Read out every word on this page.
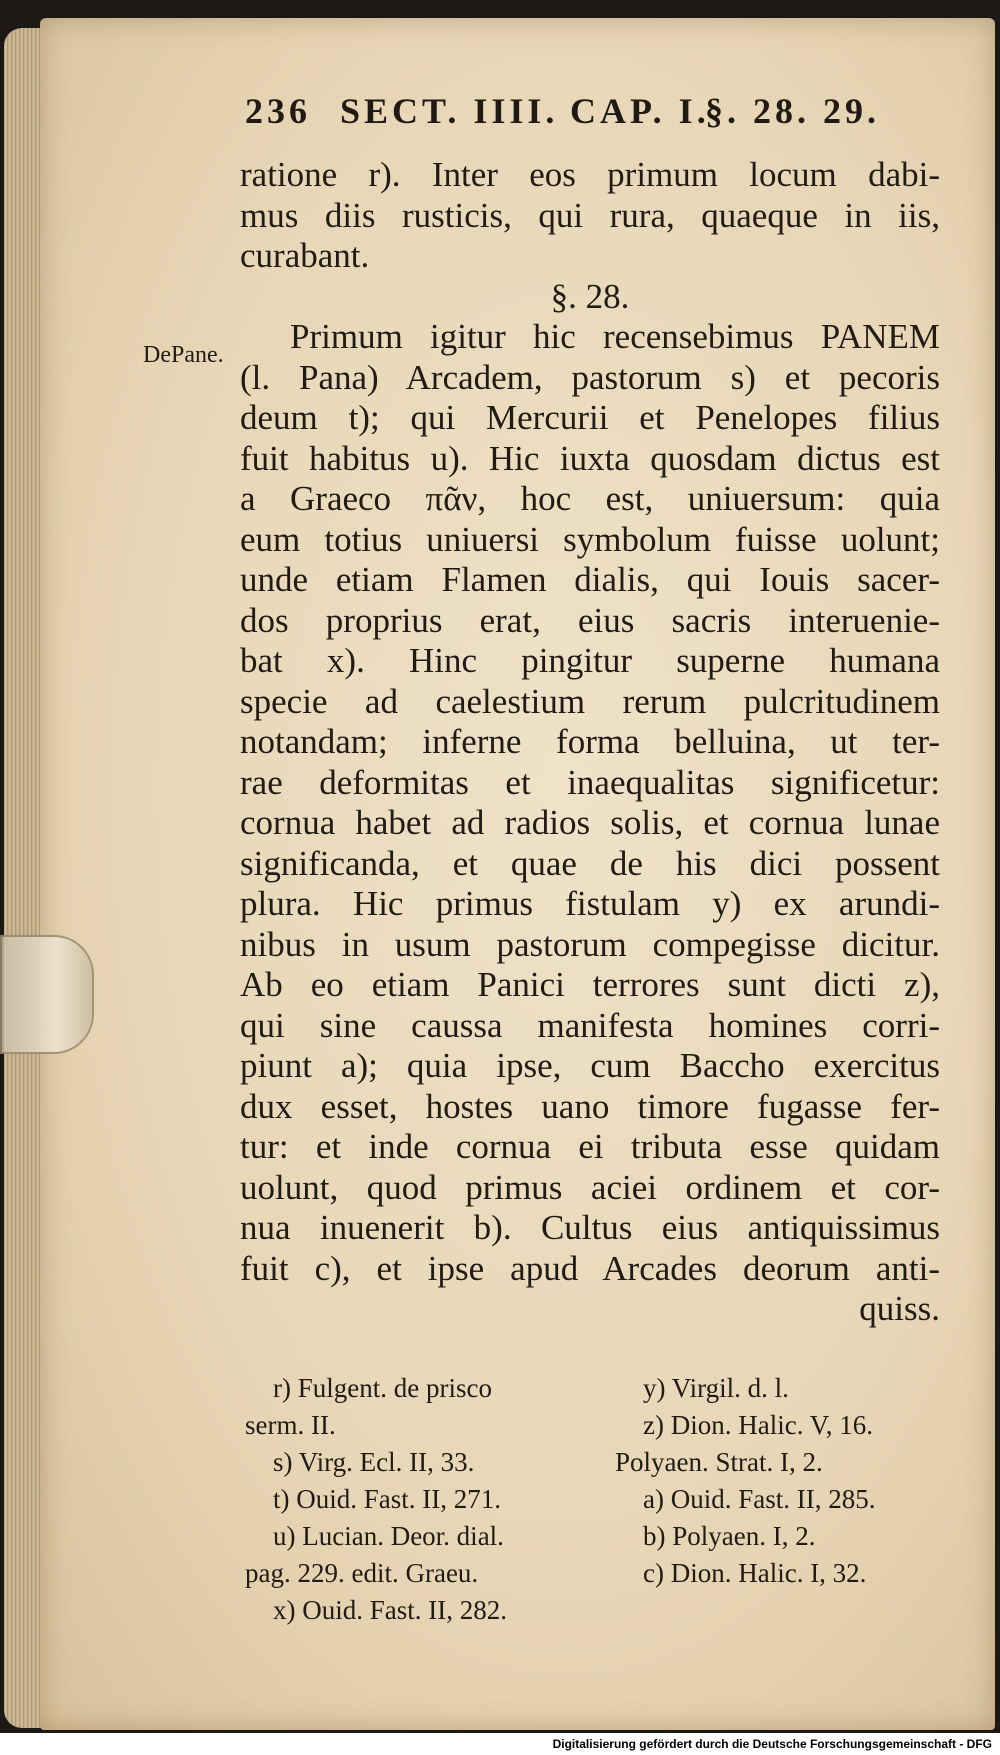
236 SECT. IIII. CAP. I.
§. 28. 29.
DePane.
ratione r). Inter eos primum locum dabi-
mus diis rusticis, qui rura, quaeque in iis,
curabant.
§. 28.
Primum igitur hic recensebimus PANEM
(l. Pana) Arcadem, pastorum s) et pecoris
deum t); qui Mercurii et Penelopes filius
fuit habitus u). Hic iuxta quosdam dictus est
a Graeco πᾶν, hoc est, uniuersum: quia
eum totius uniuersi symbolum fuisse uolunt;
unde etiam Flamen dialis, qui Iouis sacer-
dos proprius erat, eius sacris interuenie-
bat x). Hinc pingitur superne humana
specie ad caelestium rerum pulcritudinem
notandam; inferne forma belluina, ut ter-
rae deformitas et inaequalitas significetur:
cornua habet ad radios solis, et cornua lunae
significanda, et quae de his dici possent
plura. Hic primus fistulam y) ex arundi-
nibus in usum pastorum compegisse dicitur.
Ab eo etiam Panici terrores sunt dicti z),
qui sine caussa manifesta homines corri-
piunt a); quia ipse, cum Baccho exercitus
dux esset, hostes uano timore fugasse fer-
tur: et inde cornua ei tributa esse quidam
uolunt, quod primus aciei ordinem et cor-
nua inuenerit b). Cultus eius antiquissimus
fuit c), et ipse apud Arcades deorum anti-
quiss.
r) Fulgent. de prisco
serm. II.
s) Virg. Ecl. II, 33.
t) Ouid. Fast. II, 271.
u) Lucian. Deor. dial.
pag. 229. edit. Graeu.
x) Ouid. Fast. II, 282.
y) Virgil. d. l.
z) Dion. Halic. V, 16.
Polyaen. Strat. I, 2.
a) Ouid. Fast. II, 285.
b) Polyaen. I, 2.
c) Dion. Halic. I, 32.
Digitalisierung gefördert durch die Deutsche Forschungsgemeinschaft - DFG
